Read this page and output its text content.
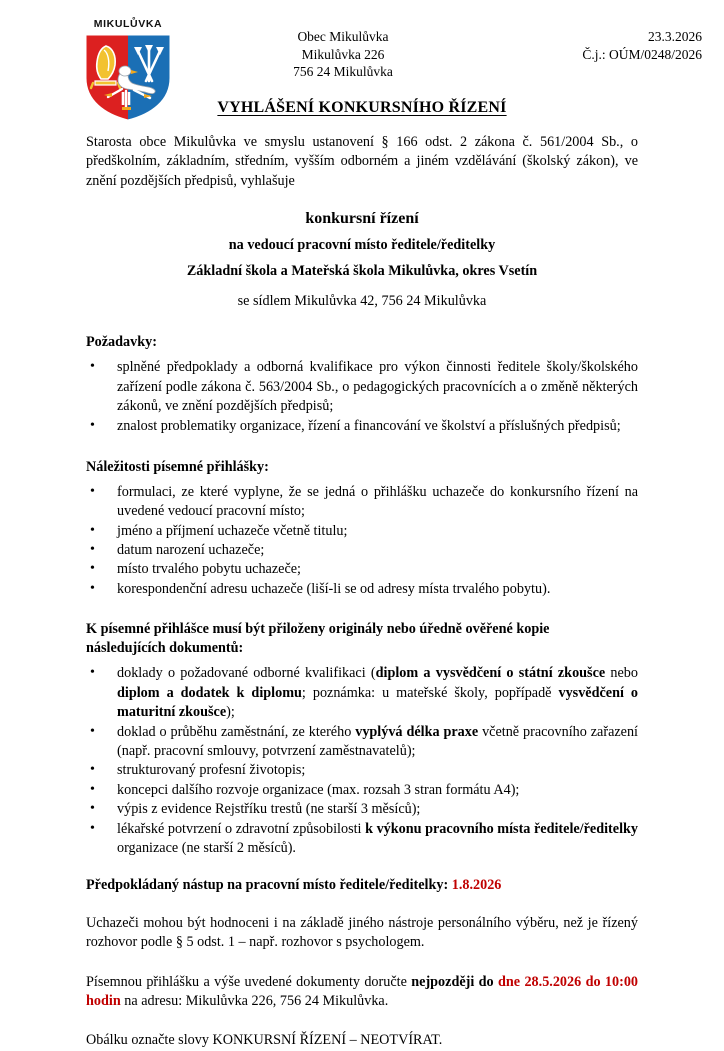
MIKULŮVKA
Obec Mikulůvka
Mikulůvka 226
756 24 Mikulůvka
23.3.2026
Č.j.: OÚM/0248/2026
VYHLÁŠENÍ KONKURSNÍHO ŘÍZENÍ

Starosta obce Mikulůvka ve smyslu ustanovení § 166 odst. 2 zákona č. 561/2004 Sb., o předškolním, základním, středním, vyšším odborném a jiném vzdělávání (školský zákon), ve znění pozdějších předpisů, vyhlašuje

konkursní řízení
na vedoucí pracovní místo ředitele/ředitelky
Základní škola a Mateřská škola Mikulůvka, okres Vsetín
se sídlem Mikulůvka 42, 756 24 Mikulůvka
Požadavky:
• splněné předpoklady a odborná kvalifikace pro výkon činnosti ředitele školy/školského zařízení podle zákona č. 563/2004 Sb., o pedagogických pracovnících a o změně některých zákonů, ve znění pozdějších předpisů;
• znalost problematiky organizace, řízení a financování ve školství a příslušných předpisů;
Náležitosti písemné přihlášky:
• formulaci, ze které vyplyne, že se jedná o přihlášku uchazeče do konkursního řízení na uvedené vedoucí pracovní místo;
• jméno a příjmení uchazeče včetně titulu;
• datum narození uchazeče;
• místo trvalého pobytu uchazeče;
• korespondenční adresu uchazeče (liší-li se od adresy místa trvalého pobytu).
K písemné přihlášce musí být přiloženy originály nebo úředně ověřené kopie
následujících dokumentů:
• doklady o požadované odborné kvalifikaci (diplom a vysvědčení o státní zkoušce nebo diplom a dodatek k diplomu; poznámka: u mateřské školy, popřípadě vysvědčení o maturitní zkoušce);
• doklad o průběhu zaměstnání, ze kterého vyplývá délka praxe včetně pracovního zařazení (např. pracovní smlouvy, potvrzení zaměstnavatelů);
• strukturovaný profesní životopis;
• koncepci dalšího rozvoje organizace (max. rozsah 3 stran formátu A4);
• výpis z evidence Rejstříku trestů (ne starší 3 měsíců);
• lékařské potvrzení o zdravotní způsobilosti k výkonu pracovního místa ředitele/ředitelky organizace (ne starší 2 měsíců).

Předpokládaný nástup na pracovní místo ředitele/ředitelky: 1.8.2026

Uchazeči mohou být hodnoceni i na základě jiného nástroje personálního výběru, než je řízený rozhovor podle § 5 odst. 1 – např. rozhovor s psychologem.

Písemnou přihlášku a výše uvedené dokumenty doručte nejpozději do dne 28.5.2026 do 10:00 hodin na adresu: Mikulůvka 226, 756 24 Mikulůvka.

Obálku označte slovy KONKURSNÍ ŘÍZENÍ – NEOTVÍRAT.
